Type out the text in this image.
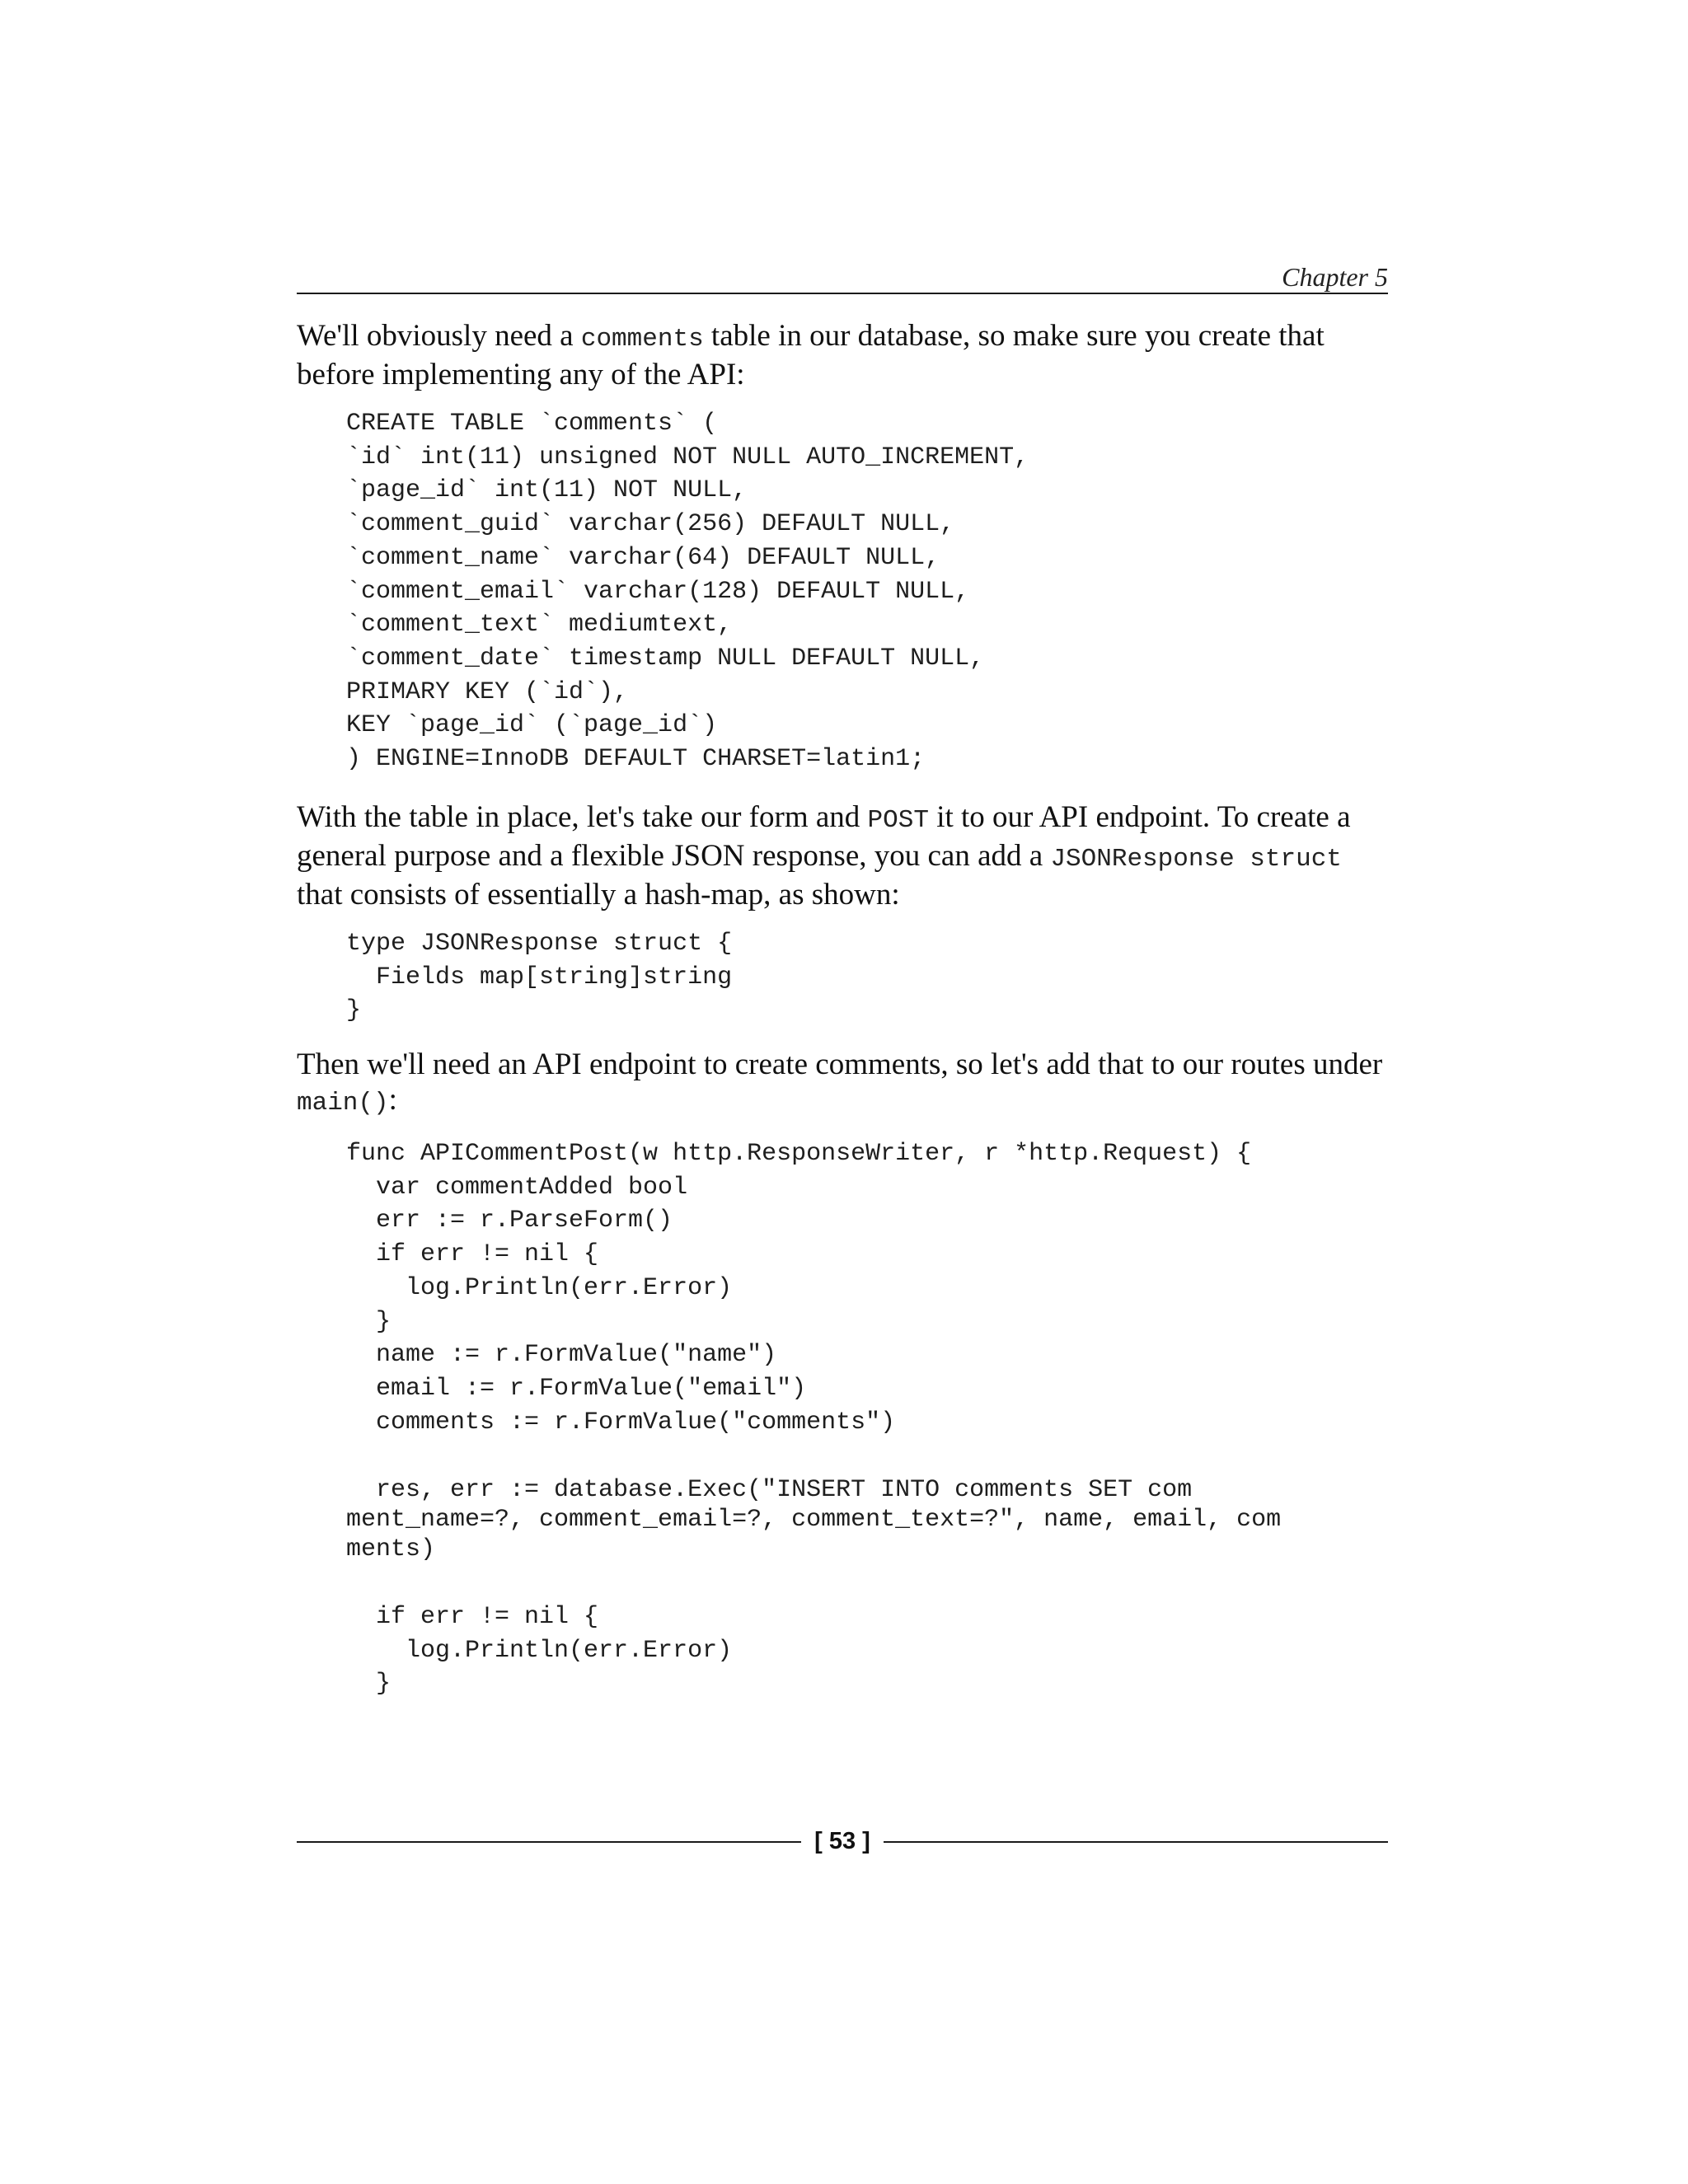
Chapter 5

We'll obviously need a comments table in our database, so make sure you create that before implementing any of the API:

CREATE TABLE `comments` (
`id` int(11) unsigned NOT NULL AUTO_INCREMENT,
`page_id` int(11) NOT NULL,
`comment_guid` varchar(256) DEFAULT NULL,
`comment_name` varchar(64) DEFAULT NULL,
`comment_email` varchar(128) DEFAULT NULL,
`comment_text` mediumtext,
`comment_date` timestamp NULL DEFAULT NULL,
PRIMARY KEY (`id`),
KEY `page_id` (`page_id`)
) ENGINE=InnoDB DEFAULT CHARSET=latin1;

With the table in place, let's take our form and POST it to our API endpoint. To create a general purpose and a flexible JSON response, you can add a JSONResponse struct that consists of essentially a hash-map, as shown:

type JSONResponse struct {
Fields map[string]string
}

Then we'll need an API endpoint to create comments, so let's add that to our routes under main():

func APICommentPost(w http.ResponseWriter, r *http.Request) {
var commentAdded bool
err := r.ParseForm()
if err != nil {
log.Println(err.Error)
}
name := r.FormValue("name")
email := r.FormValue("email")
comments := r.FormValue("comments")
res, err := database.Exec("INSERT INTO comments SET com
ment_name=?, comment_email=?, comment_text=?", name, email, com
ments)
if err != nil {
log.Println(err.Error)
}
[ 53 ]
